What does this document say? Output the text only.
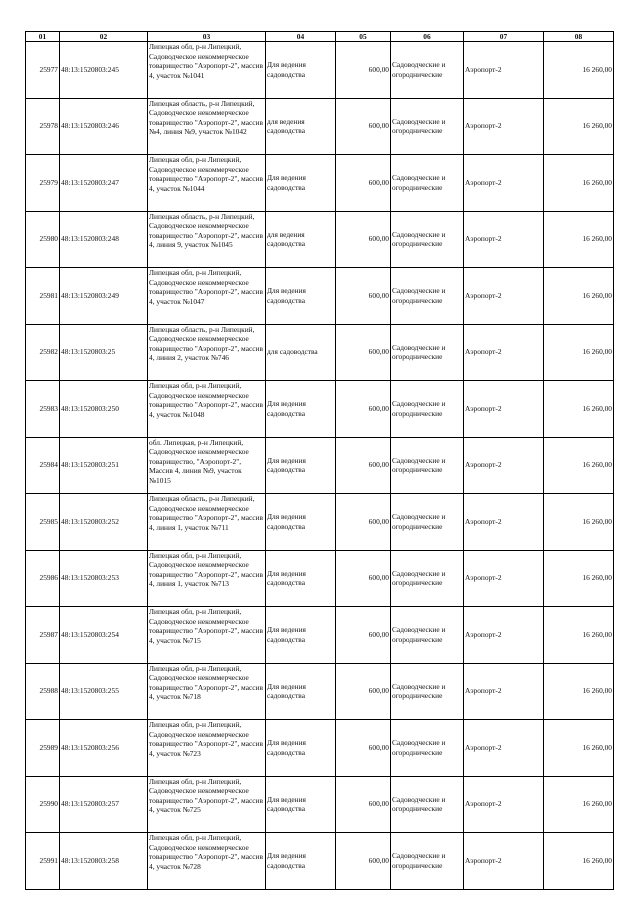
01	02	03	04	05	06	07	08
25977	48:13:1520803:245	Липецкая обл, р-н Липецкий, Садоводческое некоммерческое товарищество "Аэропорт-2", массив 4, участок №1041	Для ведения садоводства	600,00	Садоводческие и огороднические	Аэропорт-2	16 260,00
25978	48:13:1520803:246	Липецкая область, р-н Липецкий, Садоводческое некоммерческое товарищество "Аэропорт-2", массив №4, линия №9, участок №1042	для ведения садоводства	600,00	Садоводческие и огороднические	Аэропорт-2	16 260,00
25979	48:13:1520803:247	Липецкая обл, р-н Липецкий, Садоводческое некоммерческое товарищество "Аэропорт-2", массив 4, участок №1044	Для ведения садоводства	600,00	Садоводческие и огороднические	Аэропорт-2	16 260,00
25980	48:13:1520803:248	Липецкая область, р-н Липецкий, Садоводческое некоммерческое товарищество "Аэропорт-2", массив 4, линия 9, участок №1045	для ведения садоводства	600,00	Садоводческие и огороднические	Аэропорт-2	16 260,00
25981	48:13:1520803:249	Липецкая обл, р-н Липецкий, Садоводческое некоммерческое товарищество "Аэропорт-2", массив 4, участок №1047	Для ведения садоводства	600,00	Садоводческие и огороднические	Аэропорт-2	16 260,00
25982	48:13:1520803:25	Липецкая область, р-н Липецкий, Садоводческое некоммерческое товарищество "Аэропорт-2", массив 4, линия 2, участок №746	для садоводства	600,00	Садоводческие и огороднические	Аэропорт-2	16 260,00
25983	48:13:1520803:250	Липецкая обл, р-н Липецкий, Садоводческое некоммерческое товарищество "Аэропорт-2", массив 4, участок №1048	Для ведения садоводства	600,00	Садоводческие и огороднические	Аэропорт-2	16 260,00
25984	48:13:1520803:251	обл. Липецкая, р-н Липецкий, Садоводческое некоммерческое товарищество, "Аэропорт-2", Массив 4, линия №9, участок №1015	Для ведения садоводства	600,00	Садоводческие и огороднические	Аэропорт-2	16 260,00
25985	48:13:1520803:252	Липецкая область, р-н Липецкий, Садоводческое некоммерческое товарищество "Аэропорт-2", массив 4, линия 1, участок №711	Для ведения садоводства	600,00	Садоводческие и огороднические	Аэропорт-2	16 260,00
25986	48:13:1520803:253	Липецкая обл, р-н Липецкий, Садоводческое некоммерческое товарищество "Аэропорт-2", массив 4, линия 1, участок №713	Для ведения садоводства	600,00	Садоводческие и огороднические	Аэропорт-2	16 260,00
25987	48:13:1520803:254	Липецкая обл, р-н Липецкий, Садоводческое некоммерческое товарищество "Аэропорт-2", массив 4, участок №715	Для ведения садоводства	600,00	Садоводческие и огороднические	Аэропорт-2	16 260,00
25988	48:13:1520803:255	Липецкая обл, р-н Липецкий, Садоводческое некоммерческое товарищество "Аэропорт-2", массив 4, участок №718	Для ведения садоводства	600,00	Садоводческие и огороднические	Аэропорт-2	16 260,00
25989	48:13:1520803:256	Липецкая обл, р-н Липецкий, Садоводческое некоммерческое товарищество "Аэропорт-2", массив 4, участок №723	Для ведения садоводства	600,00	Садоводческие и огороднические	Аэропорт-2	16 260,00
25990	48:13:1520803:257	Липецкая обл, р-н Липецкий, Садоводческое некоммерческое товарищество "Аэропорт-2", массив 4, участок №725	Для ведения садоводства	600,00	Садоводческие и огороднические	Аэропорт-2	16 260,00
25991	48:13:1520803:258	Липецкая обл, р-н Липецкий, Садоводческое некоммерческое товарищество "Аэропорт-2", массив 4, участок №728	Для ведения садоводства	600,00	Садоводческие и огороднические	Аэропорт-2	16 260,00
